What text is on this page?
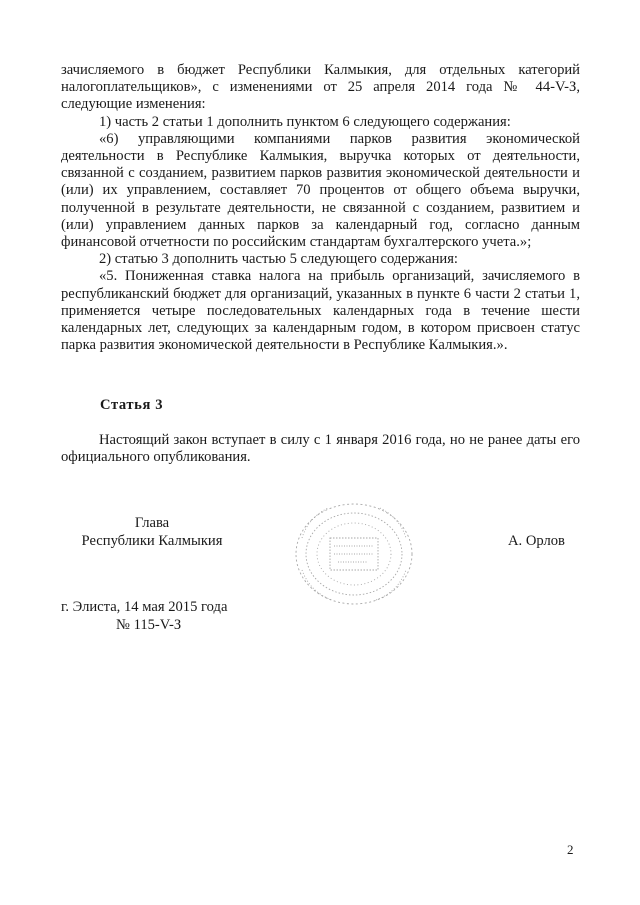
зачисляемого в бюджет Республики Калмыкия, для отдельных категорий налогоплательщиков», с изменениями от 25 апреля 2014 года № 44-V-З, следующие изменения:

1) часть 2 статьи 1 дополнить пунктом 6 следующего содержания:

«6) управляющими компаниями парков развития экономической деятельности в Республике Калмыкия, выручка которых от деятельности, связанной с созданием, развитием парков развития экономической деятельности и (или) их управлением, составляет 70 процентов от общего объема выручки, полученной в результате деятельности, не связанной с созданием, развитием и (или) управлением данных парков за календарный год, согласно данным финансовой отчетности по российским стандартам бухгалтерского учета.»;

2) статью 3 дополнить частью 5 следующего содержания:

«5. Пониженная ставка налога на прибыль организаций, зачисляемого в республиканский бюджет для организаций, указанных в пункте 6 части 2 статьи 1, применяется четыре последовательных календарных года в течение шести календарных лет, следующих за календарным годом, в котором присвоен статус парка развития экономической деятельности в Республике Калмыкия.».

Статья 3

Настоящий закон вступает в силу с 1 января 2016 года, но не ранее даты его официального опубликования.

Глава
Республики Калмыкия	А. Орлов
г. Элиста, 14 мая 2015 года
№ 115-V-З
2
